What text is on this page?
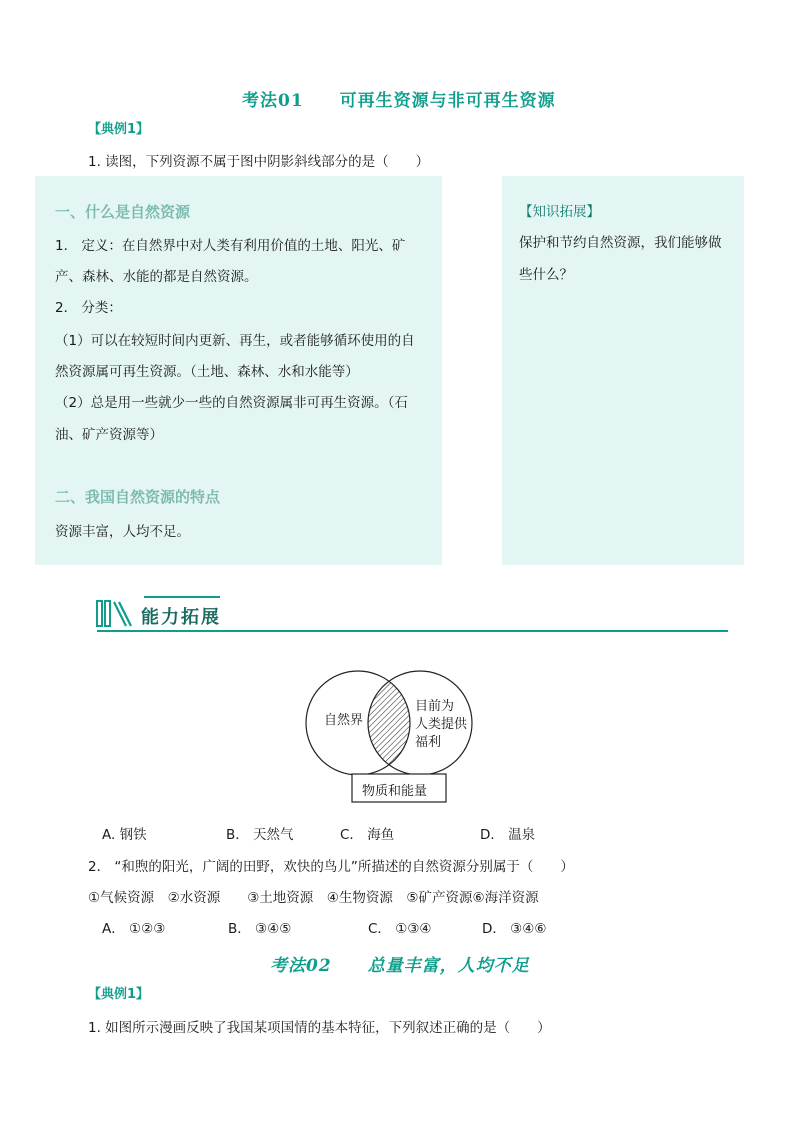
考法01　　可再生资源与非可再生资源
【典例1】
1. 读图，下列资源不属于图中阴影斜线部分的是（　　）
一、什么是自然资源
1． 定义：在自然界中对人类有利用价值的土地、阳光、矿
产、森林、水能的都是自然资源。
2． 分类：
（1）可以在较短时间内更新、再生，或者能够循环使用的自
然资源属可再生资源。（土地、森林、水和水能等）
（2）总是用一些就少一些的自然资源属非可再生资源。（石
油、矿产资源等）
二、我国自然资源的特点
资源丰富，人均不足。
【知识拓展】
保护和节约自然资源，我们能够做
些什么？
能力拓展
自然界
目前为
人类提供
福利
物质和能量
A. 钢铁	B． 天然气	C． 海鱼	D． 温泉
2． “和煦的阳光，广阔的田野，欢快的鸟儿”所描述的自然资源分别属于（　　）
①气候资源　②水资源　　③土地资源　④生物资源　⑤矿产资源⑥海洋资源
A． ①②③	B． ③④⑤	C． ①③④	D． ③④⑥
考法02　　总量丰富，人均不足
【典例1】
1. 如图所示漫画反映了我国某项国情的基本特征，下列叙述正确的是（　　）
